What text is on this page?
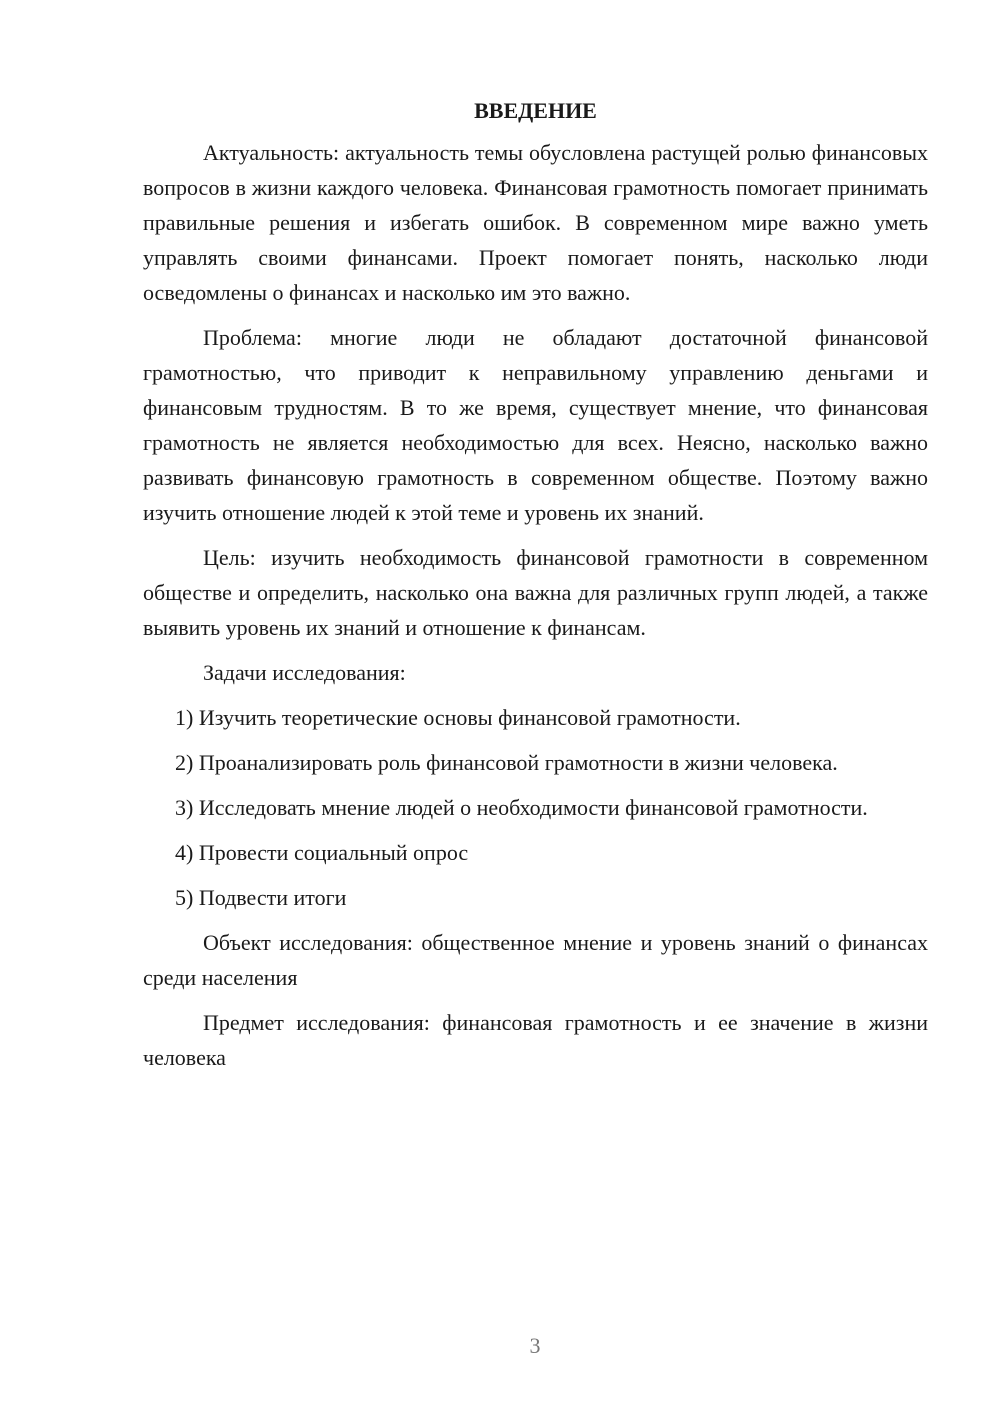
ВВЕДЕНИЕ

Актуальность: актуальность темы обусловлена растущей ролью финансовых вопросов в жизни каждого человека. Финансовая грамотность помогает принимать правильные решения и избегать ошибок. В современном мире важно уметь управлять своими финансами. Проект помогает понять, насколько люди осведомлены о финансах и насколько им это важно.

Проблема: многие люди не обладают достаточной финансовой грамотностью, что приводит к неправильному управлению деньгами и финансовым трудностям. В то же время, существует мнение, что финансовая грамотность не является необходимостью для всех. Неясно, насколько важно развивать финансовую грамотность в современном обществе. Поэтому важно изучить отношение людей к этой теме и уровень их знаний.

Цель: изучить необходимость финансовой грамотности в современном обществе и определить, насколько она важна для различных групп людей, а также выявить уровень их знаний и отношение к финансам.

Задачи исследования:

1) Изучить теоретические основы финансовой грамотности.

2) Проанализировать роль финансовой грамотности в жизни человека.

3) Исследовать мнение людей о необходимости финансовой грамотности.

4) Провести социальный опрос

5) Подвести итоги

Объект исследования: общественное мнение и уровень знаний о финансах среди населения

Предмет исследования: финансовая грамотность и ее значение в жизни человека

3
